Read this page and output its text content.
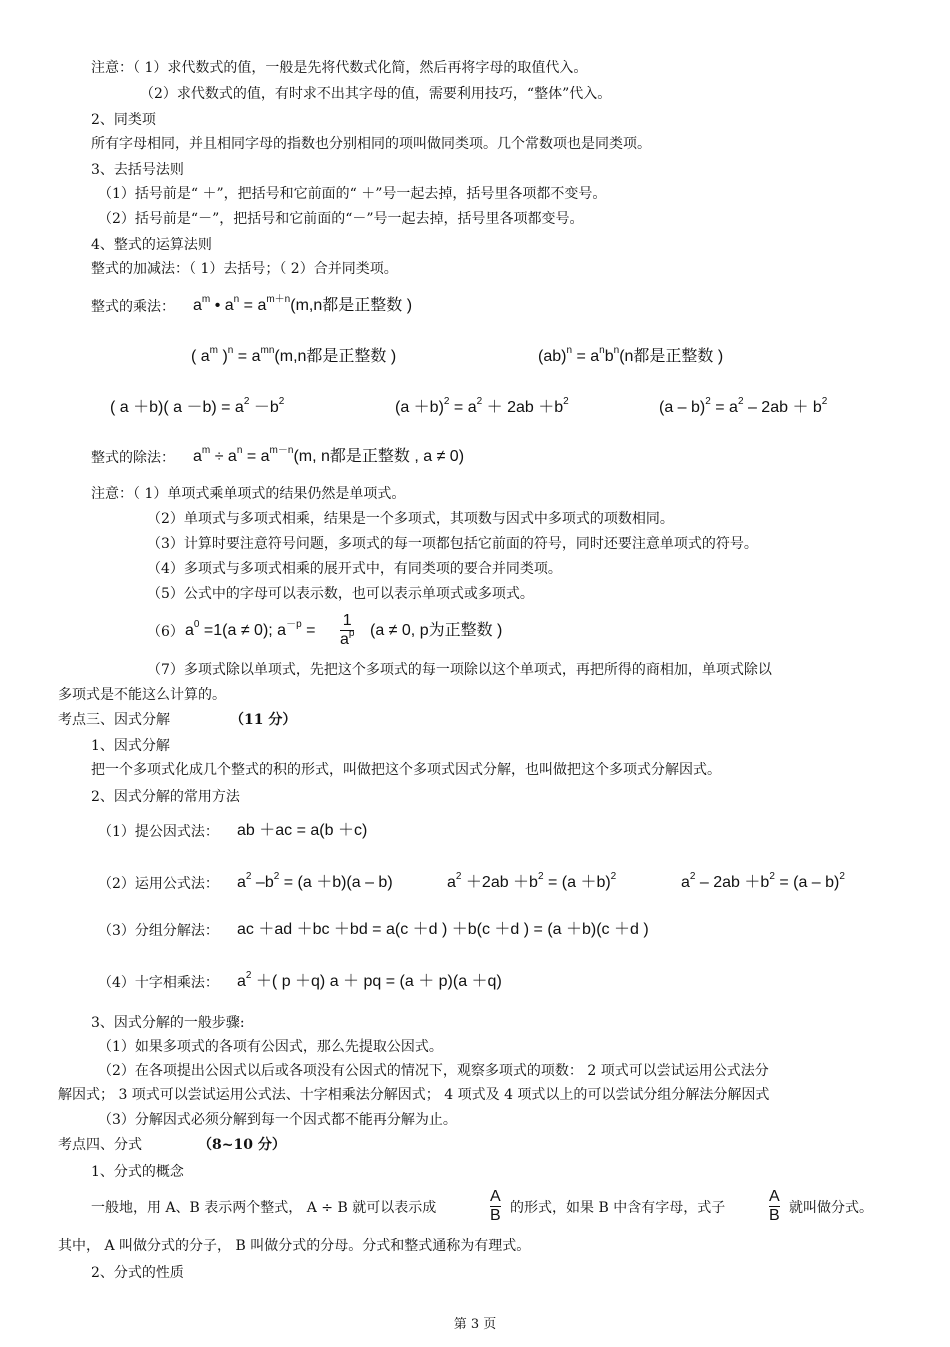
注意：（ 1）求代数式的值，一般是先将代数式化简，然后再将字母的取值代入。
（2）求代数式的值，有时求不出其字母的值，需要利用技巧，“整体”代入。
2、同类项
所有字母相同，并且相同字母的指数也分别相同的项叫做同类项。几个常数项也是同类项。
3、去括号法则
（1）括号前是“ ＋”，把括号和它前面的“ ＋”号一起去掉，括号里各项都不变号。
（2）括号前是“－”，把括号和它前面的“－”号一起去掉，括号里各项都变号。
4、整式的运算法则
整式的加减法：（ 1）去括号；（ 2）合并同类项。
整式的乘法： $a^m$ • $a^n = a^{m+n}(m,n$都是正整数 )
( $a^m$ )$^n = a^{mn}(m,n$都是正整数 )	$(ab)^n = a^nb^n(n$都是正整数 )
( a ＋b)( $a -b) = a^2 -b^2$	$(a +b)^2 = a^2 + 2ab +b^2$	$(a - b)^2 = a^2 - 2ab + b^2$
整式的除法： $a^m \div a^n = a^{m-n}(m$, n都是正整数 , a ≠ 0)
注意：（ 1）单项式乘单项式的结果仍然是单项式。
（2）单项式与多项式相乘，结果是一个多项式，其项数与因式中多项式的项数相同。
（3）计算时要注意符号问题，多项式的每一项都包括它前面的符号，同时还要注意单项式的符号。
（4）多项式与多项式相乘的展开式中，有同类项的要合并同类项。
（5）公式中的字母可以表示数，也可以表示单项式或多项式。
（6） $a^0 =1(a \ne 0)$; $a^{-p} = \frac{1}{a^p} (a \ne 0$, p为正整数 )
（7）多项式除以单项式，先把这个多项式的每一项除以这个单项式，再把所得的商相加，单项式除以
多项式是不能这么计算的。
考点三、因式分解	（11 分）
1、因式分解
把一个多项式化成几个整式的积的形式，叫做把这个多项式因式分解，也叫做把这个多项式分解因式。
2、因式分解的常用方法
（1）提公因式法： ab ＋ac = a(b ＋c)
（2）运用公式法： $a^2$ $-b^2 = (a +b)(a - b)$	$a^2 +2ab +b^2 = (a +b)^2$	$a^2 - 2ab +b^2 = (a - b)^2$
（3）分组分解法： ac ＋ad ＋bc ＋bd = a(c ＋d ) ＋b(c ＋d ) = (a ＋b)(c ＋d )
（4）十字相乘法： $a^2$ ＋( p ＋q) a ＋ pq = (a ＋ p)(a ＋q)
3、因式分解的一般步骤:
（1）如果多项式的各项有公因式，那么先提取公因式。
（2）在各项提出公因式以后或各项没有公因式的情况下，观察多项式的项数： 2 项式可以尝试运用公式法分
解因式； 3 项式可以尝试运用公式法、十字相乘法分解因式； 4 项式及 4 项式以上的可以尝试分组分解法分解因式
（3）分解因式必须分解到每一个因式都不能再分解为止。
考点四、分式	（8~10 分）
1、分式的概念
一般地，用 A、B 表示两个整式， A ÷ B 就可以表示成	$\frac{A}{B}$ 的形式，如果 B 中含有字母，式子	$\frac{A}{B}$ 就叫做分式。
其中， A 叫做分式的分子， B 叫做分式的分母。分式和整式通称为有理式。
2、分式的性质
第 3 页
